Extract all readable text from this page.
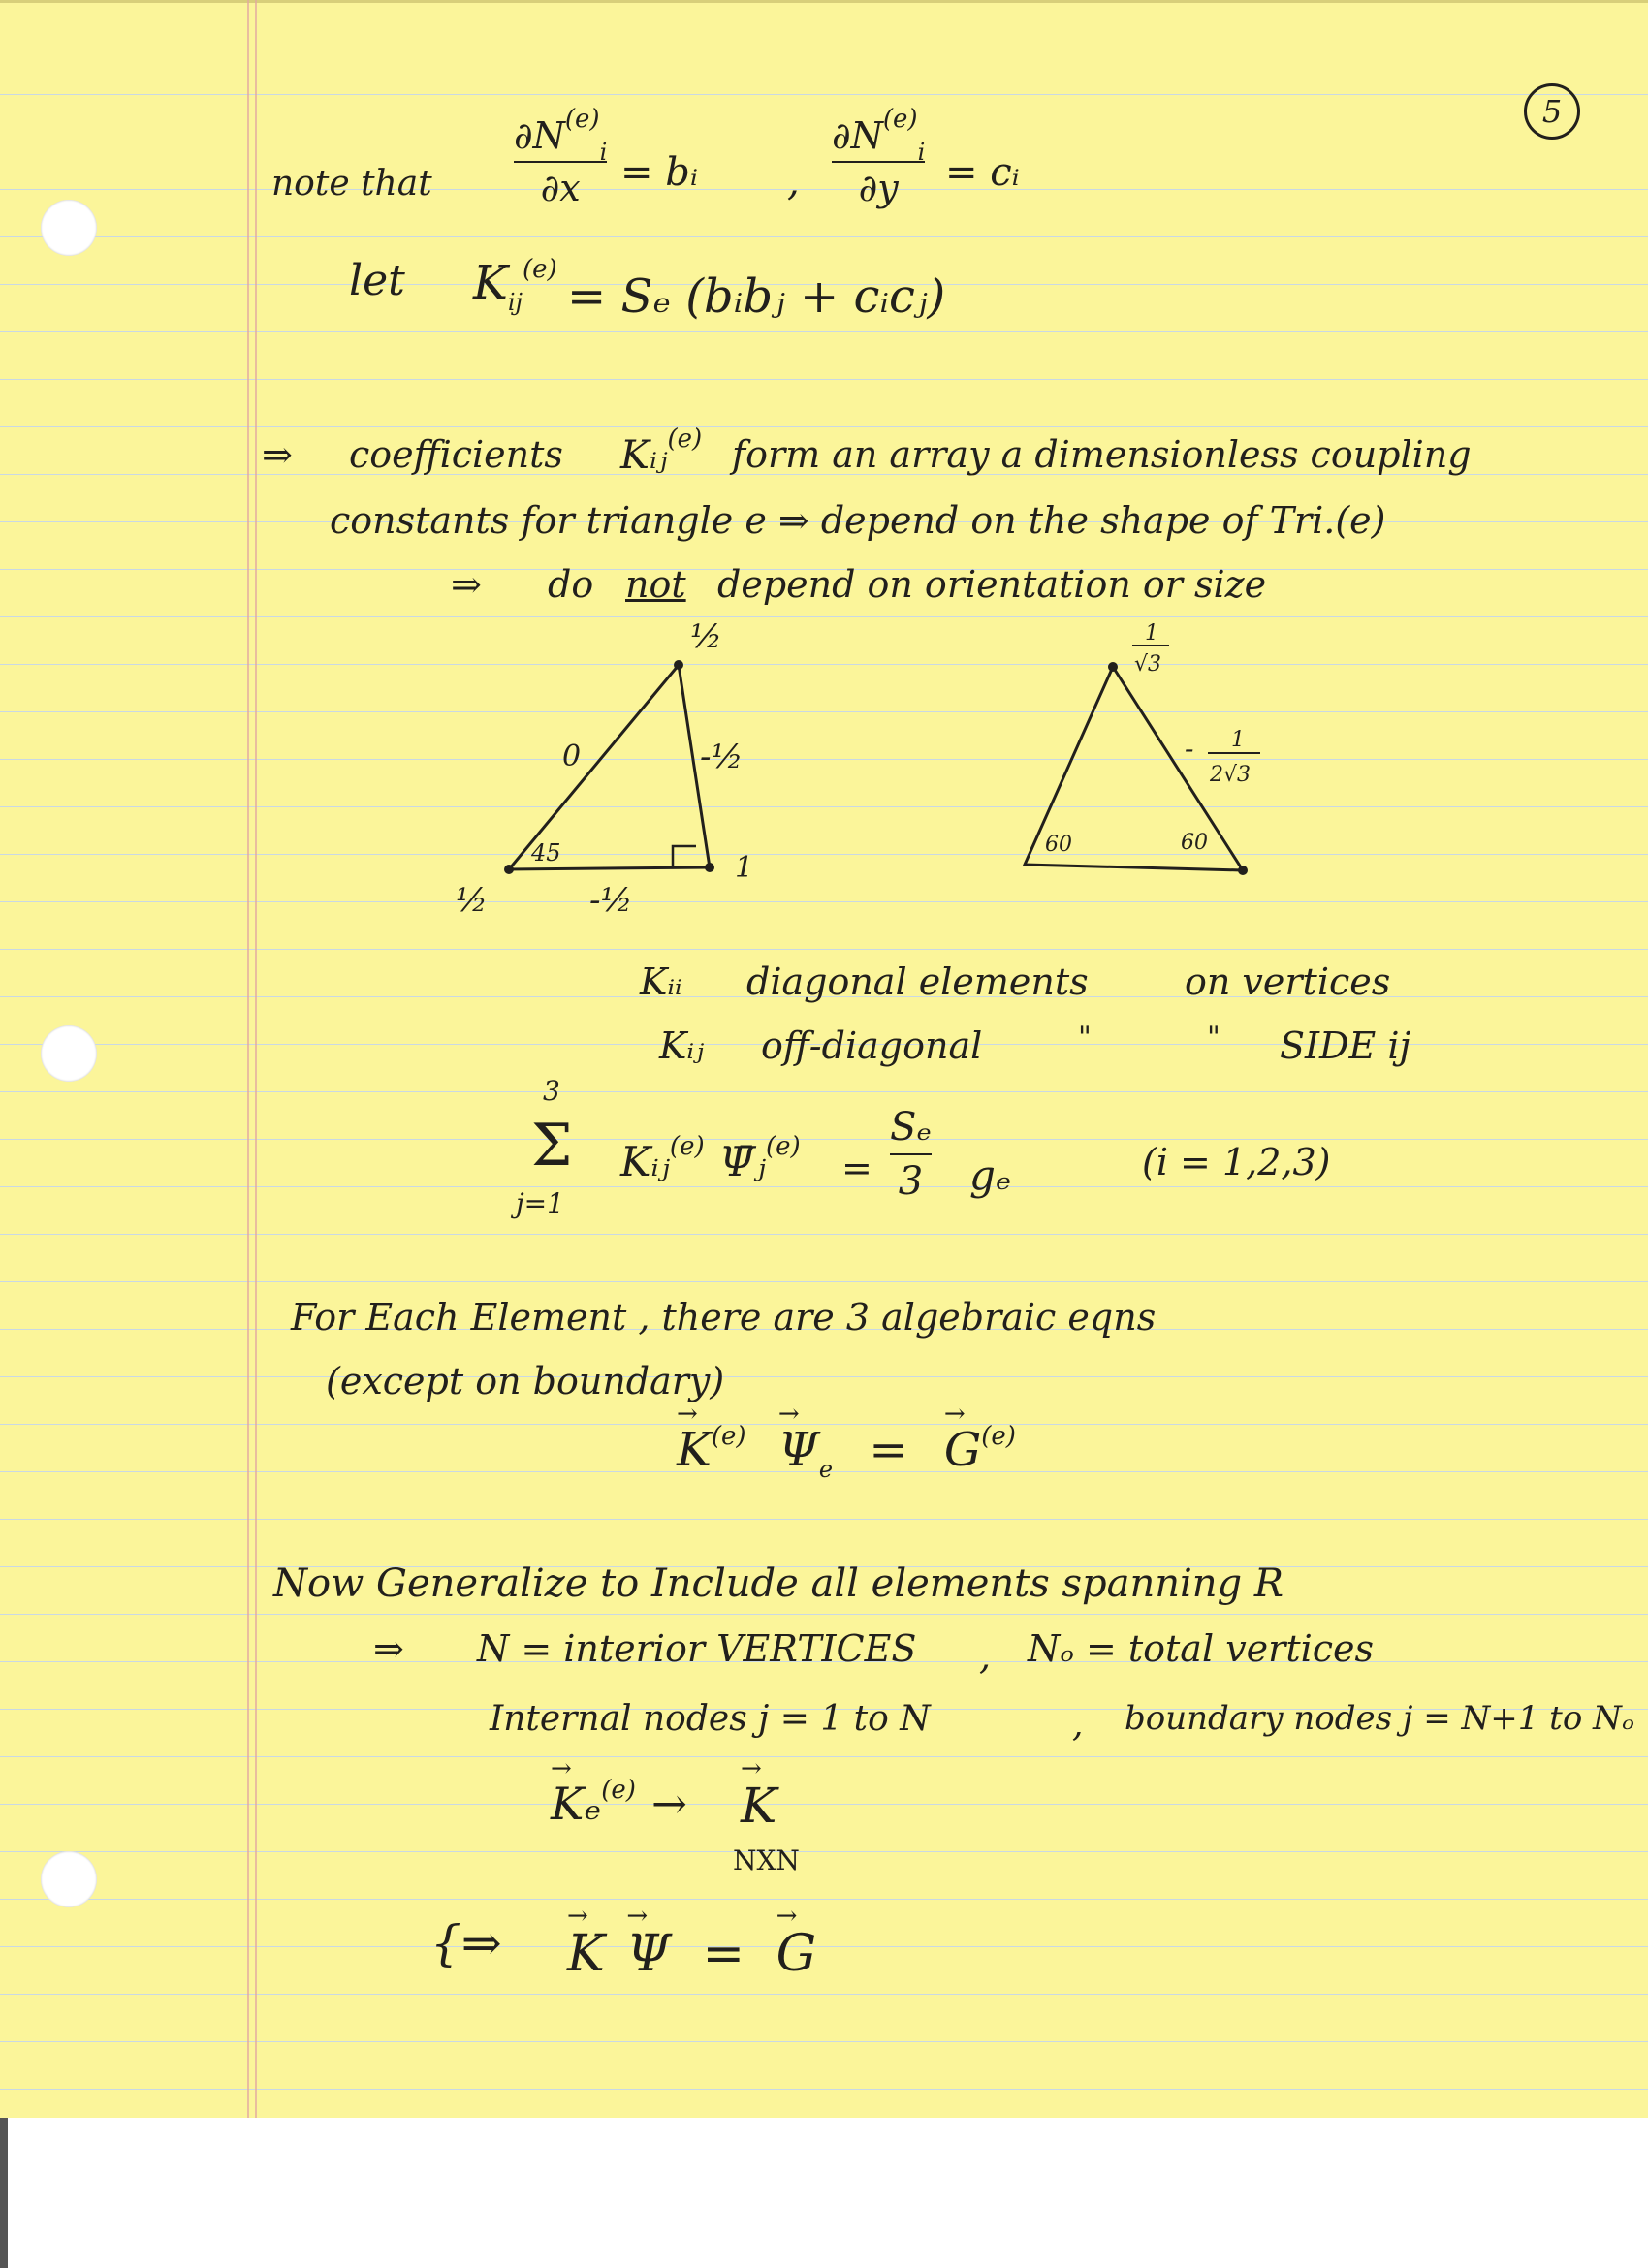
5
note that
$\partial N^{(e)}_i$
∂x	= bᵢ ,
$\partial N^{(e)}_i$
∂y	= cᵢ
let $K_{ij}^{(e)} = S_e$ (bᵢbⱼ + cᵢcⱼ)
⇒ coefficients Kᵢⱼ$^{(e)}$ form an array a dimensionless coupling
constants for triangle e ⇒ depend on the shape of Tri.(e)
⇒ do not depend on orientation or size
½
0	-½
45	1
½	-½
1
√3
- 1
2√3
60	60
Kᵢᵢ diagonal elements	on vertices
Kᵢⱼ off-diagonal	"	" SIDE ij
3
Σ
j=1
Kᵢⱼ$^{(e)}$ Ψ̄ⱼ$^{(e)}$ =
Sₑ
3 gₑ	(i = 1,2,3)
For Each Element , there are 3 algebraic eqns
(except on boundary)
→ $K^{(e)} \to \Psi_e$ = → $G^{(e)}$
Now Generalize to Include all elements spanning R
⇒ N = interior VERTICES , Nₒ = total vertices
Internal nodes j = 1 to N	, boundary nodes j = N+1 to Nₒ
→ Kₑ$^{(e)}$ → → K
NXN
{⇒ → K → Ψ = → G
